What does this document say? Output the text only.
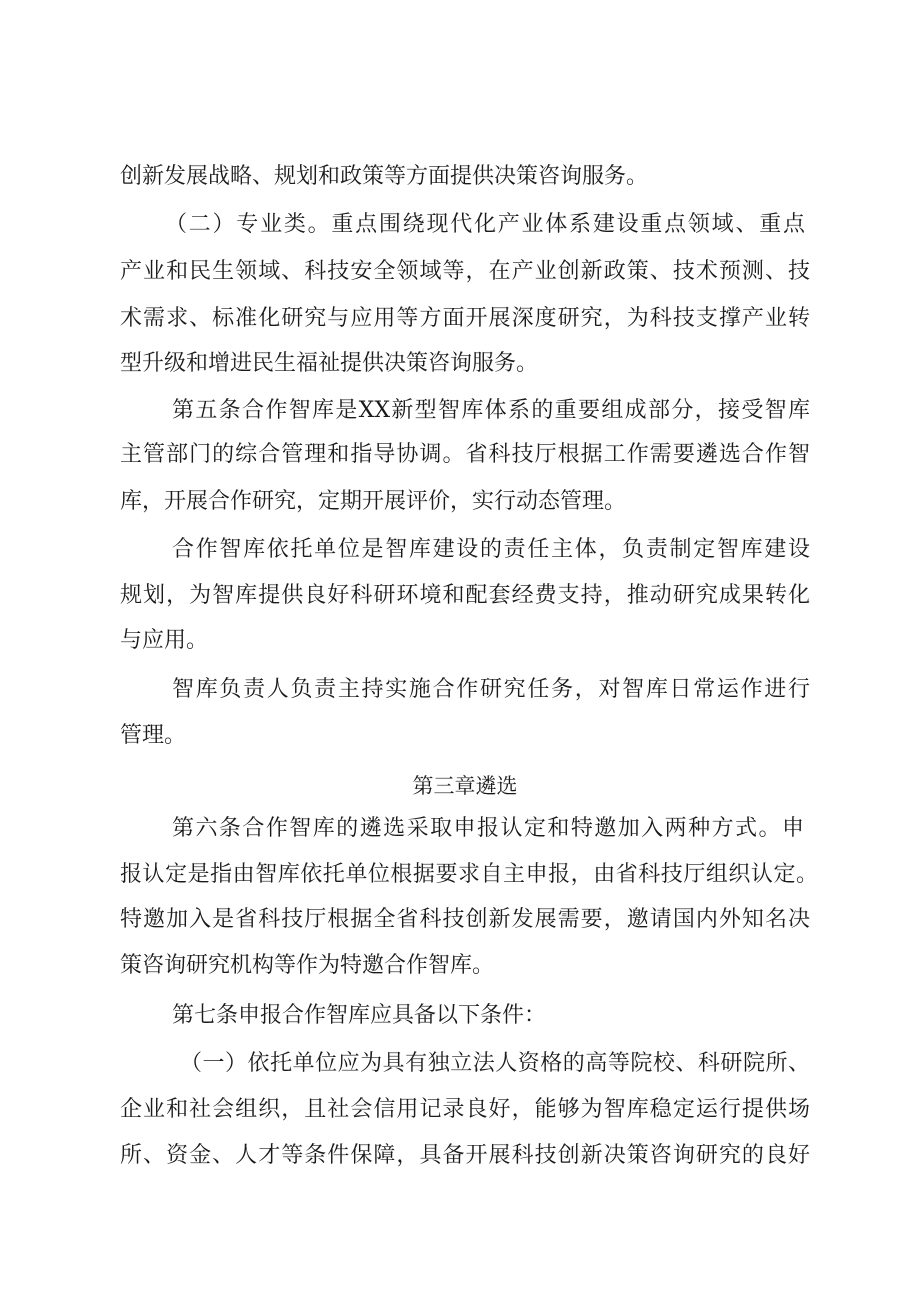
创新发展战略、规划和政策等方面提供决策咨询服务。
（二）专业类。重点围绕现代化产业体系建设重点领域、重点
产业和民生领域、科技安全领域等，在产业创新政策、技术预测、技
术需求、标准化研究与应用等方面开展深度研究，为科技支撑产业转
型升级和增进民生福祉提供决策咨询服务。
第五条合作智库是XX新型智库体系的重要组成部分，接受智库
主管部门的综合管理和指导协调。省科技厅根据工作需要遴选合作智
库，开展合作研究，定期开展评价，实行动态管理。
合作智库依托单位是智库建设的责任主体，负责制定智库建设
规划，为智库提供良好科研环境和配套经费支持，推动研究成果转化
与应用。
智库负责人负责主持实施合作研究任务，对智库日常运作进行
管理。
第三章遴选
第六条合作智库的遴选采取申报认定和特邀加入两种方式。申
报认定是指由智库依托单位根据要求自主申报，由省科技厅组织认定。
特邀加入是省科技厅根据全省科技创新发展需要，邀请国内外知名决
策咨询研究机构等作为特邀合作智库。
第七条申报合作智库应具备以下条件：
（一）依托单位应为具有独立法人资格的高等院校、科研院所、
企业和社会组织，且社会信用记录良好，能够为智库稳定运行提供场
所、资金、人才等条件保障，具备开展科技创新决策咨询研究的良好
